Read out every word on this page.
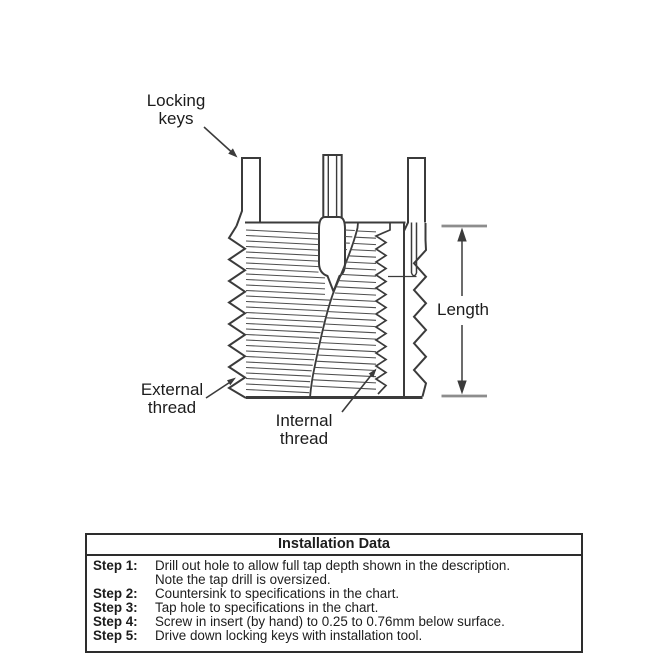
Locking keys
Length
External thread
Internal thread
Installation Data
Step 1:	Drill out hole to allow full tap depth shown in the description.
Note the tap drill is oversized.
Step 2:	Countersink to specifications in the chart.
Step 3:	Tap hole to specifications in the chart.
Step 4:	Screw in insert (by hand) to 0.25 to 0.76mm below surface.
Step 5:	Drive down locking keys with installation tool.
